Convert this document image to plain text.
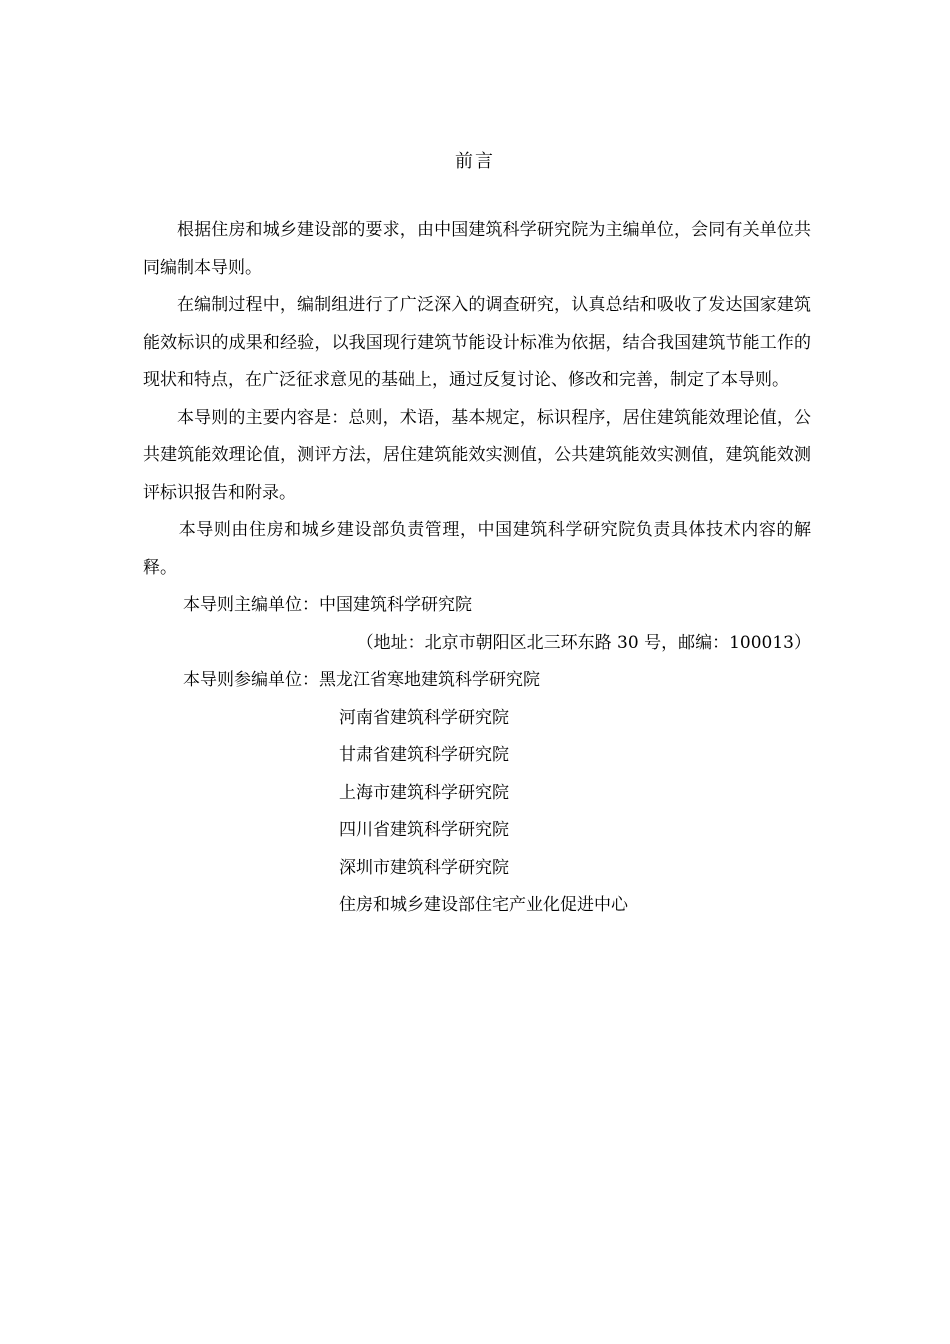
前言

根据住房和城乡建设部的要求，由中国建筑科学研究院为主编单位，会同有关单位共同编制本导则。

在编制过程中，编制组进行了广泛深入的调查研究，认真总结和吸收了发达国家建筑能效标识的成果和经验，以我国现行建筑节能设计标准为依据，结合我国建筑节能工作的现状和特点，在广泛征求意见的基础上，通过反复讨论、修改和完善，制定了本导则。

本导则的主要内容是：总则，术语，基本规定，标识程序，居住建筑能效理论值，公共建筑能效理论值，测评方法，居住建筑能效实测值，公共建筑能效实测值，建筑能效测评标识报告和附录。

本导则由住房和城乡建设部负责管理，中国建筑科学研究院负责具体技术内容的解释。

本导则主编单位：中国建筑科学研究院

（地址：北京市朝阳区北三环东路 30 号，邮编：100013）

本导则参编单位：黑龙江省寒地建筑科学研究院

河南省建筑科学研究院

甘肃省建筑科学研究院

上海市建筑科学研究院

四川省建筑科学研究院

深圳市建筑科学研究院

住房和城乡建设部住宅产业化促进中心
